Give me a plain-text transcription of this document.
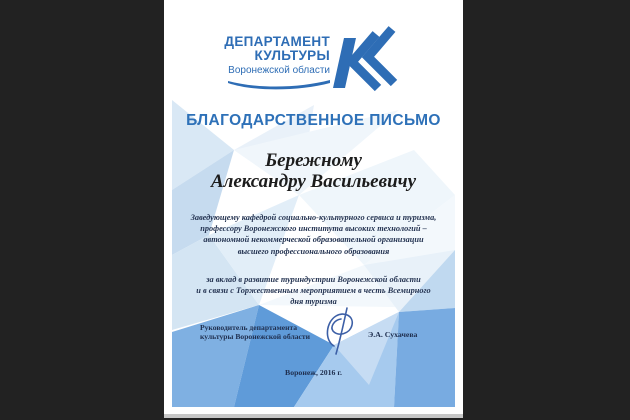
ДЕПАРТАМЕНТ
КУЛЬТУРЫ
Воронежской области
БЛАГОДАРСТВЕННОЕ ПИСЬМО
Бережному
Александру Васильевичу
Заведующему кафедрой социально-культурного сервиса и туризма,
профессору Воронежского института высоких технологий –
автономной некоммерческой образовательной организации
высшего профессионального образования
за вклад в развитие туриндустрии Воронежской области
и в связи с Торжественным мероприятием в честь Всемирного
дня туризма
Руководитель департамента
культуры Воронежской области	Э.А. Сухачева
Воронеж, 2016 г.
